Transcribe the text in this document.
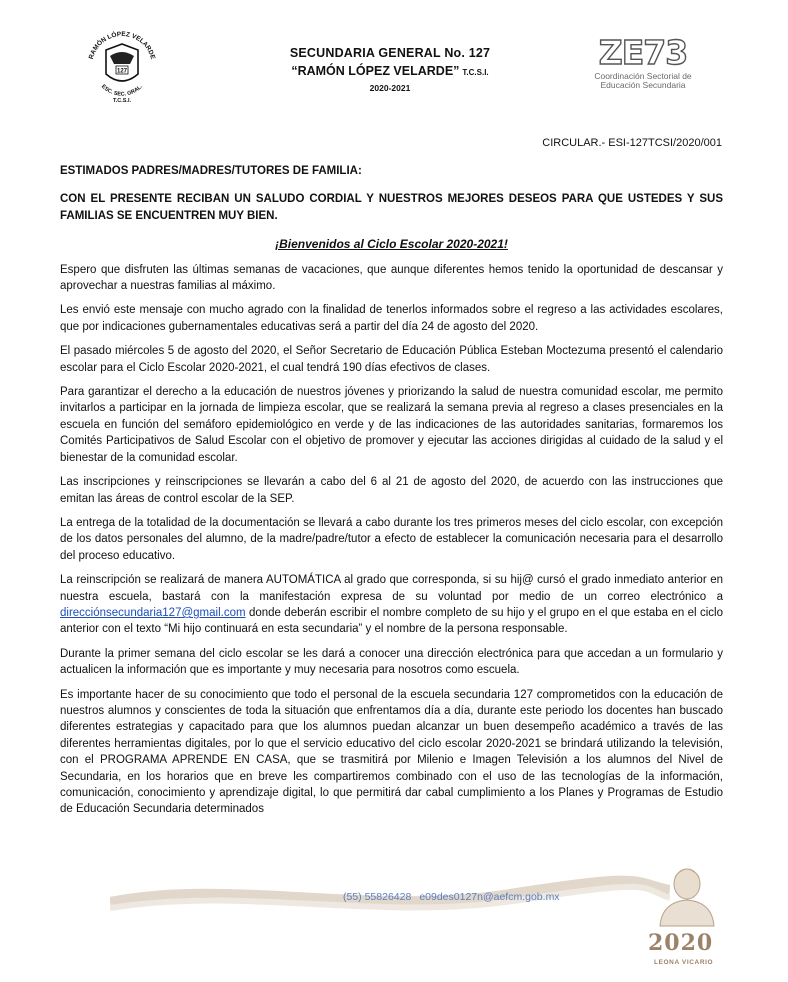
RAMÓN LÓPEZ VELARDE
127
ESC. SEC. GRAL.
T.C.S.I.
SECUNDARIA GENERAL No. 127
“RAMÓN LÓPEZ VELARDE” T.C.S.I.
2020-2021
ZE73
Coordinación Sectorial de
Educación Secundaria
CIRCULAR.- ESI-127TCSI/2020/001

ESTIMADOS PADRES/MADRES/TUTORES DE FAMILIA:

CON EL PRESENTE RECIBAN UN SALUDO CORDIAL Y NUESTROS MEJORES DESEOS PARA QUE USTEDES Y SUS FAMILIAS SE ENCUENTREN MUY BIEN.

¡Bienvenidos al Ciclo Escolar 2020-2021!

Espero que disfruten las últimas semanas de vacaciones, que aunque diferentes hemos tenido la oportunidad de descansar y aprovechar a nuestras familias al máximo.

Les envió este mensaje con mucho agrado con la finalidad de tenerlos informados sobre el regreso a las actividades escolares, que por indicaciones gubernamentales educativas será a partir del día 24 de agosto del 2020.

El pasado miércoles 5 de agosto del 2020, el Señor Secretario de Educación Pública Esteban Moctezuma presentó el calendario escolar para el Ciclo Escolar 2020-2021, el cual tendrá 190 días efectivos de clases.

Para garantizar el derecho a la educación de nuestros jóvenes y priorizando la salud de nuestra comunidad escolar, me permito invitarlos a participar en la jornada de limpieza escolar, que se realizará la semana previa al regreso a clases presenciales en la escuela en función del semáforo epidemiológico en verde y de las indicaciones de las autoridades sanitarias, formaremos los Comités Participativos de Salud Escolar con el objetivo de promover y ejecutar las acciones dirigidas al cuidado de la salud y el bienestar de la comunidad escolar.

Las inscripciones y reinscripciones se llevarán a cabo del 6 al 21 de agosto del 2020, de acuerdo con las instrucciones que emitan las áreas de control escolar de la SEP.

La entrega de la totalidad de la documentación se llevará a cabo durante los tres primeros meses del ciclo escolar, con excepción de los datos personales del alumno, de la madre/padre/tutor a efecto de establecer la comunicación necesaria para el desarrollo del proceso educativo.

La reinscripción se realizará de manera AUTOMÁTICA al grado que corresponda, si su hij@ cursó el grado inmediato anterior en nuestra escuela, bastará con la manifestación expresa de su voluntad por medio de un correo electrónico a direcciónsecundaria127@gmail.com donde deberán escribir el nombre completo de su hijo y el grupo en el que estaba en el ciclo anterior con el texto “Mi hijo continuará en esta secundaria” y el nombre de la persona responsable.

Durante la primer semana del ciclo escolar se les dará a conocer una dirección electrónica para que accedan a un formulario y actualicen la información que es importante y muy necesaria para nosotros como escuela.

Es importante hacer de su conocimiento que todo el personal de la escuela secundaria 127 comprometidos con la educación de nuestros alumnos y conscientes de toda la situación que enfrentamos día a día, durante este periodo los docentes han buscado diferentes estrategias y capacitado para que los alumnos puedan alcanzar un buen desempeño académico a través de las diferentes herramientas digitales, por lo que el servicio educativo del ciclo escolar 2020-2021 se brindará utilizando la televisión, con el PROGRAMA APRENDE EN CASA, que se trasmitirá por Milenio e Imagen Televisión a los alumnos del Nivel de Secundaria, en los horarios que en breve les compartiremos combinado con el uso de las tecnologías de la información, comunicación, conocimiento y aprendizaje digital, lo que permitirá dar cabal cumplimiento a los Planes y Programas de Estudio de Educación Secundaria determinados

(55) 55826428 e09des0127n@aefcm.gob.mx
2020
LEONA VICARIO
